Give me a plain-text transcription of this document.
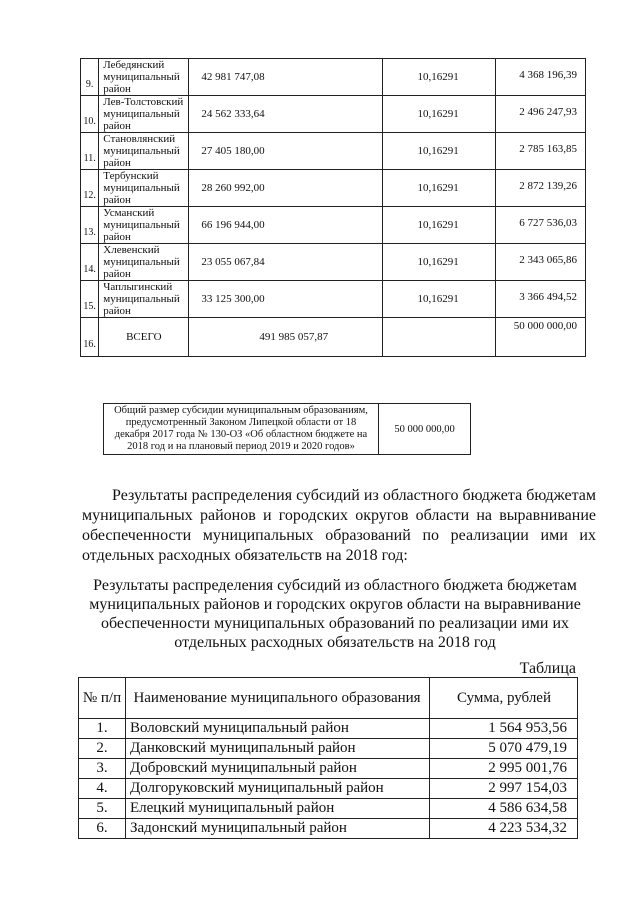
9.	Лебедянский муниципальный район	42 981 747,08	10,16291	4 368 196,39
10.	Лев-Толстовский муниципальный район	24 562 333,64	10,16291	2 496 247,93
11.	Становлянский муниципальный район	27 405 180,00	10,16291	2 785 163,85
12.	Тербунский муниципальный район	28 260 992,00	10,16291	2 872 139,26
13.	Усманский муниципальный район	66 196 944,00	10,16291	6 727 536,03
14.	Хлевенский муниципальный район	23 055 067,84	10,16291	2 343 065,86
15.	Чаплыгинский муниципальный район	33 125 300,00	10,16291	3 366 494,52
16.	ВСЕГО	491 985 057,87		50 000 000,00
Общий размер субсидии муниципальным образованиям, предусмотренный Законом Липецкой области от 18 декабря 2017 года № 130-ОЗ «Об областном бюджете на 2018 год и на плановый период 2019 и 2020 годов»	50 000 000,00

Результаты распределения субсидий из областного бюджета бюджетам муниципальных районов и городских округов области на выравнивание обеспеченности муниципальных образований по реализации ими их отдельных расходных обязательств на 2018 год:

Результаты распределения субсидий из областного бюджета бюджетам муниципальных районов и городских округов области на выравнивание обеспеченности муниципальных образований по реализации ими их отдельных расходных обязательств на 2018 год

Таблица
№ п/п	Наименование муниципального образования	Сумма, рублей
1.	Воловский муниципальный район	1 564 953,56
2.	Данковский муниципальный район	5 070 479,19
3.	Добровский муниципальный район	2 995 001,76
4.	Долгоруковский муниципальный район	2 997 154,03
5.	Елецкий муниципальный район	4 586 634,58
6.	Задонский муниципальный район	4 223 534,32
